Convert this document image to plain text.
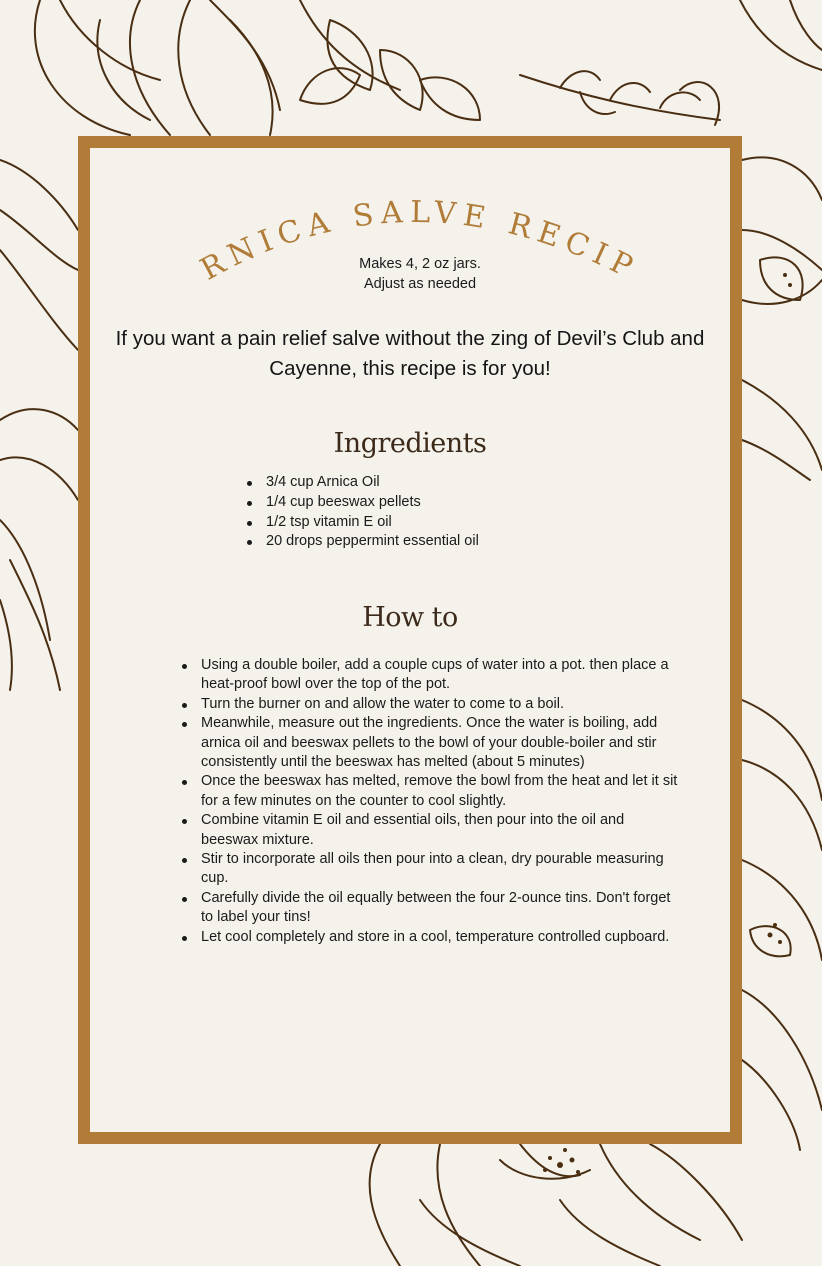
ARNICA SALVE RECIPE
Makes 4, 2 oz jars.
Adjust as needed
If you want a pain relief salve without the zing of Devil’s Club and Cayenne, this recipe is for you!
Ingredients
3/4 cup Arnica Oil
1/4 cup beeswax pellets
1/2 tsp vitamin E oil
20 drops peppermint essential oil
How to
Using a double boiler, add a couple cups of water into a pot. then place a heat-proof bowl over the top of the pot.
Turn the burner on and allow the water to come to a boil.
Meanwhile, measure out the ingredients. Once the water is boiling, add arnica oil and beeswax pellets to the bowl of your double-boiler and stir consistently until the beeswax has melted (about 5 minutes)
Once the beeswax has melted, remove the bowl from the heat and let it sit for a few minutes on the counter to cool slightly.
Combine vitamin E oil and essential oils, then pour into the oil and beeswax mixture.
Stir to incorporate all oils then pour into a clean, dry pourable measuring cup.
Carefully divide the oil equally between the four 2-ounce tins. Don't forget to label your tins!
Let cool completely and store in a cool, temperature controlled cupboard.
